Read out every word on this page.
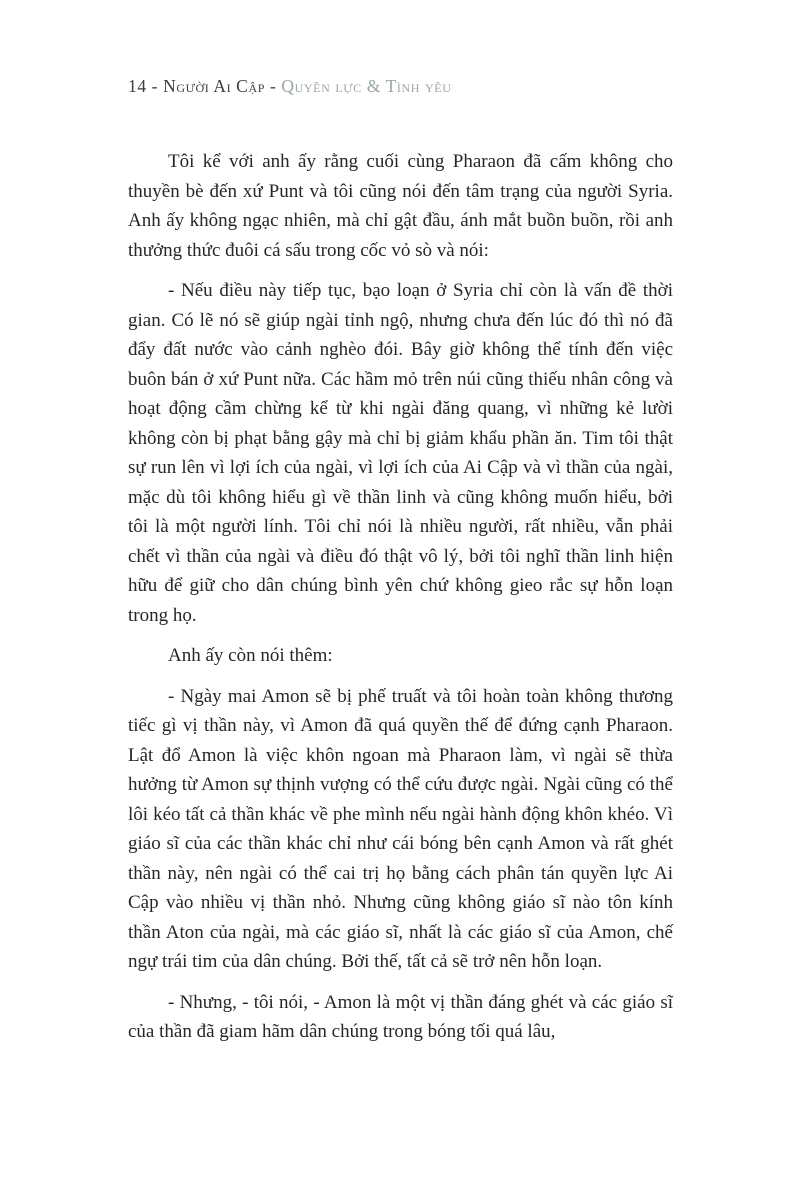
14 - Người Ai Cập - Quyền lực & Tình yêu

Tôi kể với anh ấy rằng cuối cùng Pharaon đã cấm không cho thuyền bè đến xứ Punt và tôi cũng nói đến tâm trạng của người Syria. Anh ấy không ngạc nhiên, mà chỉ gật đầu, ánh mắt buồn buồn, rồi anh thưởng thức đuôi cá sấu trong cốc vỏ sò và nói:

- Nếu điều này tiếp tục, bạo loạn ở Syria chỉ còn là vấn đề thời gian. Có lẽ nó sẽ giúp ngài tỉnh ngộ, nhưng chưa đến lúc đó thì nó đã đẩy đất nước vào cảnh nghèo đói. Bây giờ không thể tính đến việc buôn bán ở xứ Punt nữa. Các hầm mỏ trên núi cũng thiếu nhân công và hoạt động cầm chừng kể từ khi ngài đăng quang, vì những kẻ lười không còn bị phạt bằng gậy mà chỉ bị giảm khẩu phần ăn. Tim tôi thật sự run lên vì lợi ích của ngài, vì lợi ích của Ai Cập và vì thần của ngài, mặc dù tôi không hiểu gì về thần linh và cũng không muốn hiểu, bởi tôi là một người lính. Tôi chỉ nói là nhiều người, rất nhiều, vẫn phải chết vì thần của ngài và điều đó thật vô lý, bởi tôi nghĩ thần linh hiện hữu để giữ cho dân chúng bình yên chứ không gieo rắc sự hỗn loạn trong họ.

Anh ấy còn nói thêm:

- Ngày mai Amon sẽ bị phế truất và tôi hoàn toàn không thương tiếc gì vị thần này, vì Amon đã quá quyền thế để đứng cạnh Pharaon. Lật đổ Amon là việc khôn ngoan mà Pharaon làm, vì ngài sẽ thừa hưởng từ Amon sự thịnh vượng có thể cứu được ngài. Ngài cũng có thể lôi kéo tất cả thần khác về phe mình nếu ngài hành động khôn khéo. Vì giáo sĩ của các thần khác chỉ như cái bóng bên cạnh Amon và rất ghét thần này, nên ngài có thể cai trị họ bằng cách phân tán quyền lực Ai Cập vào nhiều vị thần nhỏ. Nhưng cũng không giáo sĩ nào tôn kính thần Aton của ngài, mà các giáo sĩ, nhất là các giáo sĩ của Amon, chế ngự trái tim của dân chúng. Bởi thế, tất cả sẽ trở nên hỗn loạn.

- Nhưng, - tôi nói, - Amon là một vị thần đáng ghét và các giáo sĩ của thần đã giam hãm dân chúng trong bóng tối quá lâu,
